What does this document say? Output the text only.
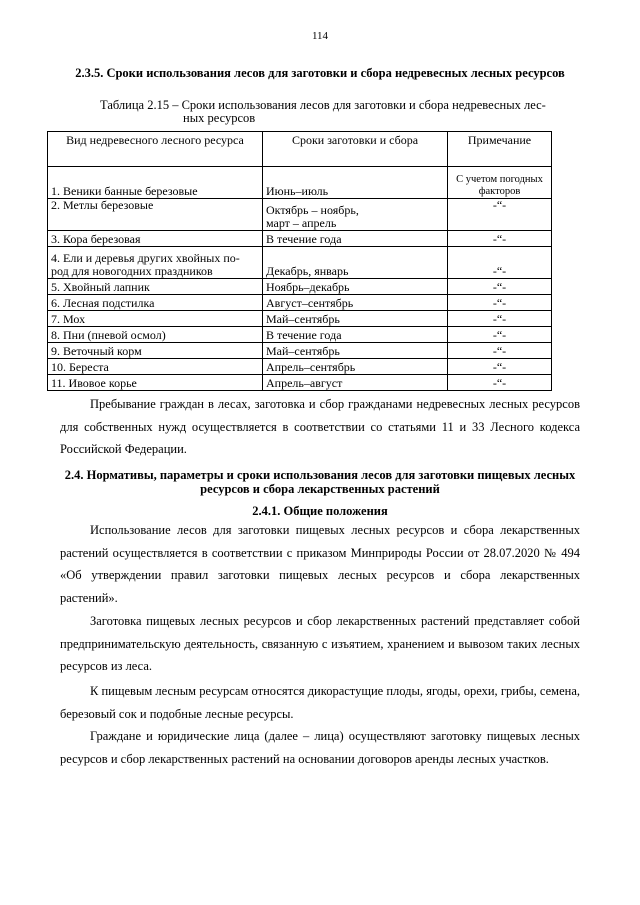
114
2.3.5. Сроки использования лесов для заготовки и сбора недревесных лесных ресурсов
Таблица 2.15 – Сроки использования лесов для заготовки и сбора недревесных лес-
ных ресурсов
Вид недревесного лесного ресурса	Сроки заготовки и сбора	Примечание
1. Веники банные березовые	Июнь–июль	С учетом погодных факторов
2. Метлы березовые	Октябрь – ноябрь,
март – апрель	-“-
3. Кора березовая	В течение года	-“-

4. Ели и деревья других хвойных по-
род для новогодних праздников	Декабрь, январь	-“-
5. Хвойный лапник	Ноябрь–декабрь	-“-
6. Лесная подстилка	Август–сентябрь	-“-
7. Мох	Май–сентябрь	-“-
8. Пни (пневой осмол)	В течение года	-“-
9. Веточный корм	Май–сентябрь	-“-
10. Береста	Апрель–сентябрь	-“-
11. Ивовое корье	Апрель–август	-“-

Пребывание граждан в лесах, заготовка и сбор гражданами недревесных лесных ресурсов для собственных нужд осуществляется в соответствии со статьями 11 и 33 Лесного кодекса Российской Федерации.

2.4. Нормативы, параметры и сроки использования лесов для заготовки пищевых лесных ресурсов и сбора лекарственных растений
2.4.1. Общие положения

Использование лесов для заготовки пищевых лесных ресурсов и сбора лекарственных растений осуществляется в соответствии с приказом Минприроды России от 28.07.2020 № 494 «Об утверждении правил заготовки пищевых лесных ресурсов и сбора лекарственных растений».

Заготовка пищевых лесных ресурсов и сбор лекарственных растений представляет собой предпринимательскую деятельность, связанную с изъятием, хранением и вывозом таких лесных ресурсов из леса.

К пищевым лесным ресурсам относятся дикорастущие плоды, ягоды, орехи, грибы, семена, березовый сок и подобные лесные ресурсы.

Граждане и юридические лица (далее – лица) осуществляют заготовку пищевых лесных ресурсов и сбор лекарственных растений на основании договоров аренды лесных участков.
